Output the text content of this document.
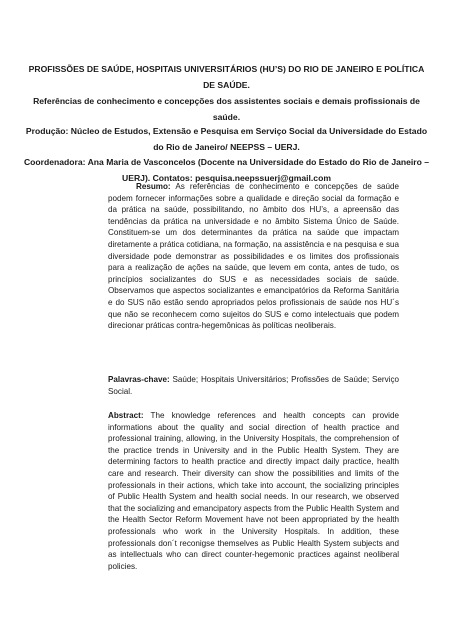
PROFISSÕES DE SAÚDE, HOSPITAIS UNIVERSITÁRIOS (HU’S) DO RIO DE JANEIRO E POLÍTICA DE SAÚDE.

Referências de conhecimento e concepções dos assistentes sociais e demais profissionais de saúde.

Produção: Núcleo de Estudos, Extensão e Pesquisa em Serviço Social da Universidade do Estado do Rio de Janeiro/ NEEPSS – UERJ.

Coordenadora: Ana Maria de Vasconcelos (Docente na Universidade do Estado do Rio de Janeiro – UERJ). Contatos: pesquisa.neepssuerj@gmail.com

Resumo: As referências de conhecimento e concepções de saúde podem fornecer informações sobre a qualidade e direção social da formação e da prática na saúde, possibilitando, no âmbito dos HU’s, a apreensão das tendências da prática na universidade e no âmbito Sistema Único de Saúde. Constituem-se um dos determinantes da prática na saúde que impactam diretamente a prática cotidiana, na formação, na assistência e na pesquisa e sua diversidade pode demonstrar as possibilidades e os limites dos profissionais para a realização de ações na saúde, que levem em conta, antes de tudo, os princípios socializantes do SUS e as necessidades sociais de saúde. Observamos que aspectos socializantes e emancipatórios da Reforma Sanitária e do SUS não estão sendo apropriados pelos profissionais de saúde nos HU´s que não se reconhecem como sujeitos do SUS e como intelectuais que podem direcionar práticas contra-hegemônicas às políticas neoliberais.

Palavras-chave: Saúde; Hospitais Universitários; Profissões de Saúde; Serviço Social.

Abstract: The knowledge references and health concepts can provide informations about the quality and social direction of health practice and professional training, allowing, in the University Hospitals, the comprehension of the practice trends in University and in the Public Health System. They are determining factors to health practice and directly impact daily practice, health care and research. Their diversity can show the possibilities and limits of the professionals in their actions, which take into account, the socializing principles of Public Health System and health social needs. In our research, we observed that the socializing and emancipatory aspects from the Public Health System and the Health Sector Reform Movement have not been appropriated by the health professionals who work in the University Hospitals. In addition, these professionals don´t reconigse themselves as Public Health System subjects and as intellectuals who can direct counter-hegemonic practices against neoliberal policies.
